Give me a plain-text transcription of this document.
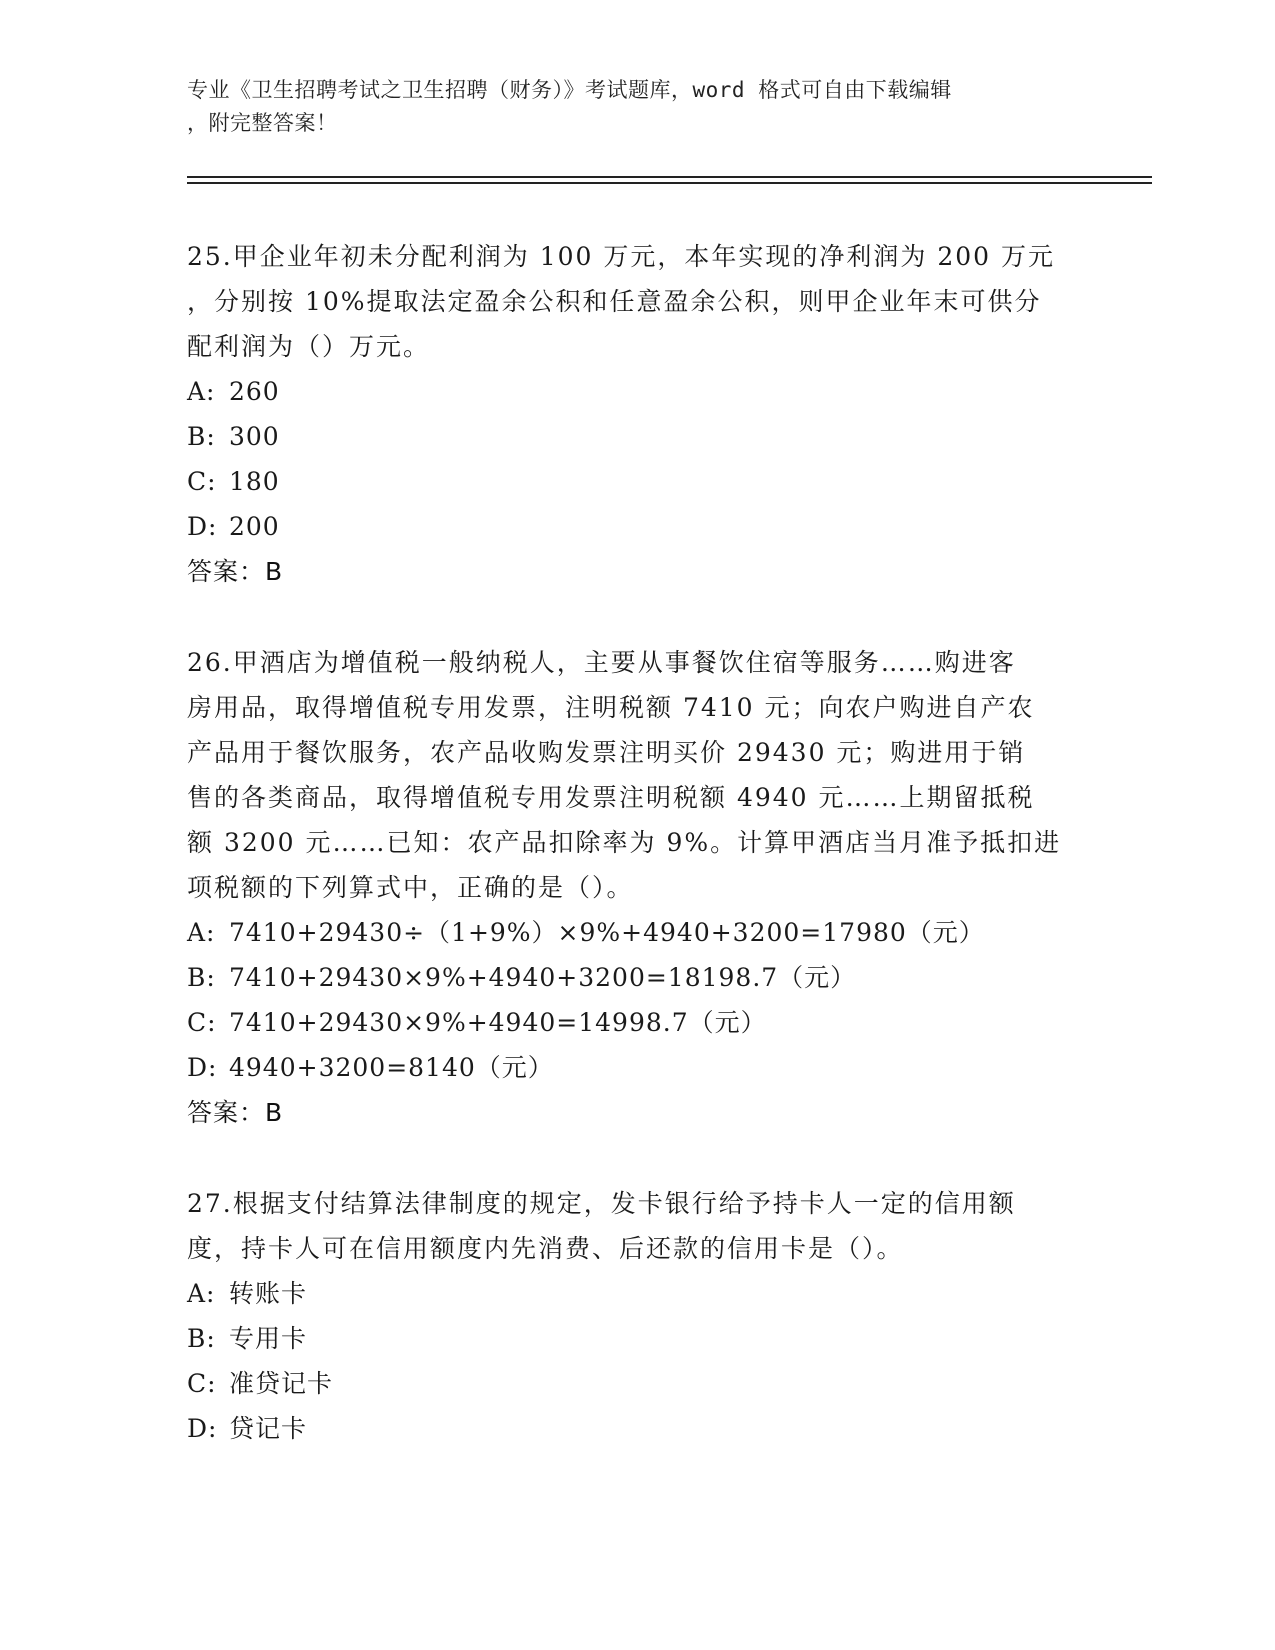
专业《卫生招聘考试之卫生招聘（财务）》考试题库，word 格式可自由下载编辑
，附完整答案！

25.甲企业年初未分配利润为 100 万元，本年实现的净利润为 200 万元

，分别按 10%提取法定盈余公积和任意盈余公积，则甲企业年末可供分

配利润为（）万元。

A: 260

B: 300

C: 180

D: 200

答案：B

26.甲酒店为增值税一般纳税人，主要从事餐饮住宿等服务……购进客

房用品，取得增值税专用发票，注明税额 7410 元；向农户购进自产农

产品用于餐饮服务，农产品收购发票注明买价 29430 元；购进用于销

售的各类商品，取得增值税专用发票注明税额 4940 元……上期留抵税

额 3200 元……已知：农产品扣除率为 9%。计算甲酒店当月准予抵扣进

项税额的下列算式中，正确的是（）。

A: 7410+29430÷（1+9%）×9%+4940+3200=17980（元）

B: 7410+29430×9%+4940+3200=18198.7（元）

C: 7410+29430×9%+4940=14998.7（元）

D: 4940+3200=8140（元）

答案：B

27.根据支付结算法律制度的规定，发卡银行给予持卡人一定的信用额

度，持卡人可在信用额度内先消费、后还款的信用卡是（）。

A: 转账卡

B: 专用卡

C: 准贷记卡

D: 贷记卡
